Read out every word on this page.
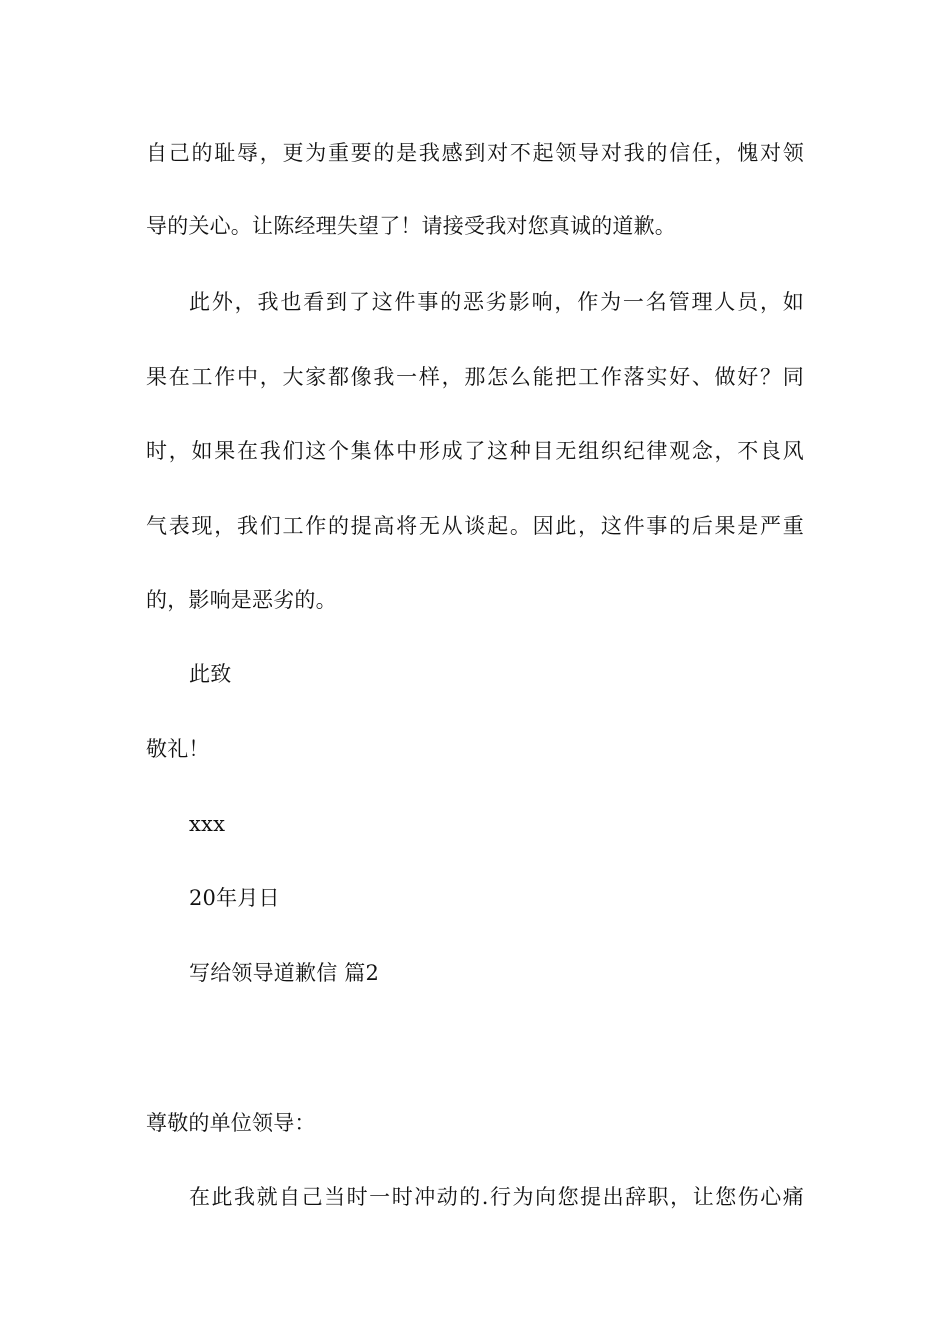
自己的耻辱，更为重要的是我感到对不起领导对我的信任，愧对领
导的关心。让陈经理失望了！请接受我对您真诚的道歉。
此外，我也看到了这件事的恶劣影响，作为一名管理人员，如
果在工作中，大家都像我一样，那怎么能把工作落实好、做好？同
时，如果在我们这个集体中形成了这种目无组织纪律观念，不良风
气表现，我们工作的提高将无从谈起。因此，这件事的后果是严重
的，影响是恶劣的。
此致
敬礼！
xxx
20年月日
写给领导道歉信 篇2
尊敬的单位领导：
在此我就自己当时一时冲动的.行为向您提出辞职，让您伤心痛
